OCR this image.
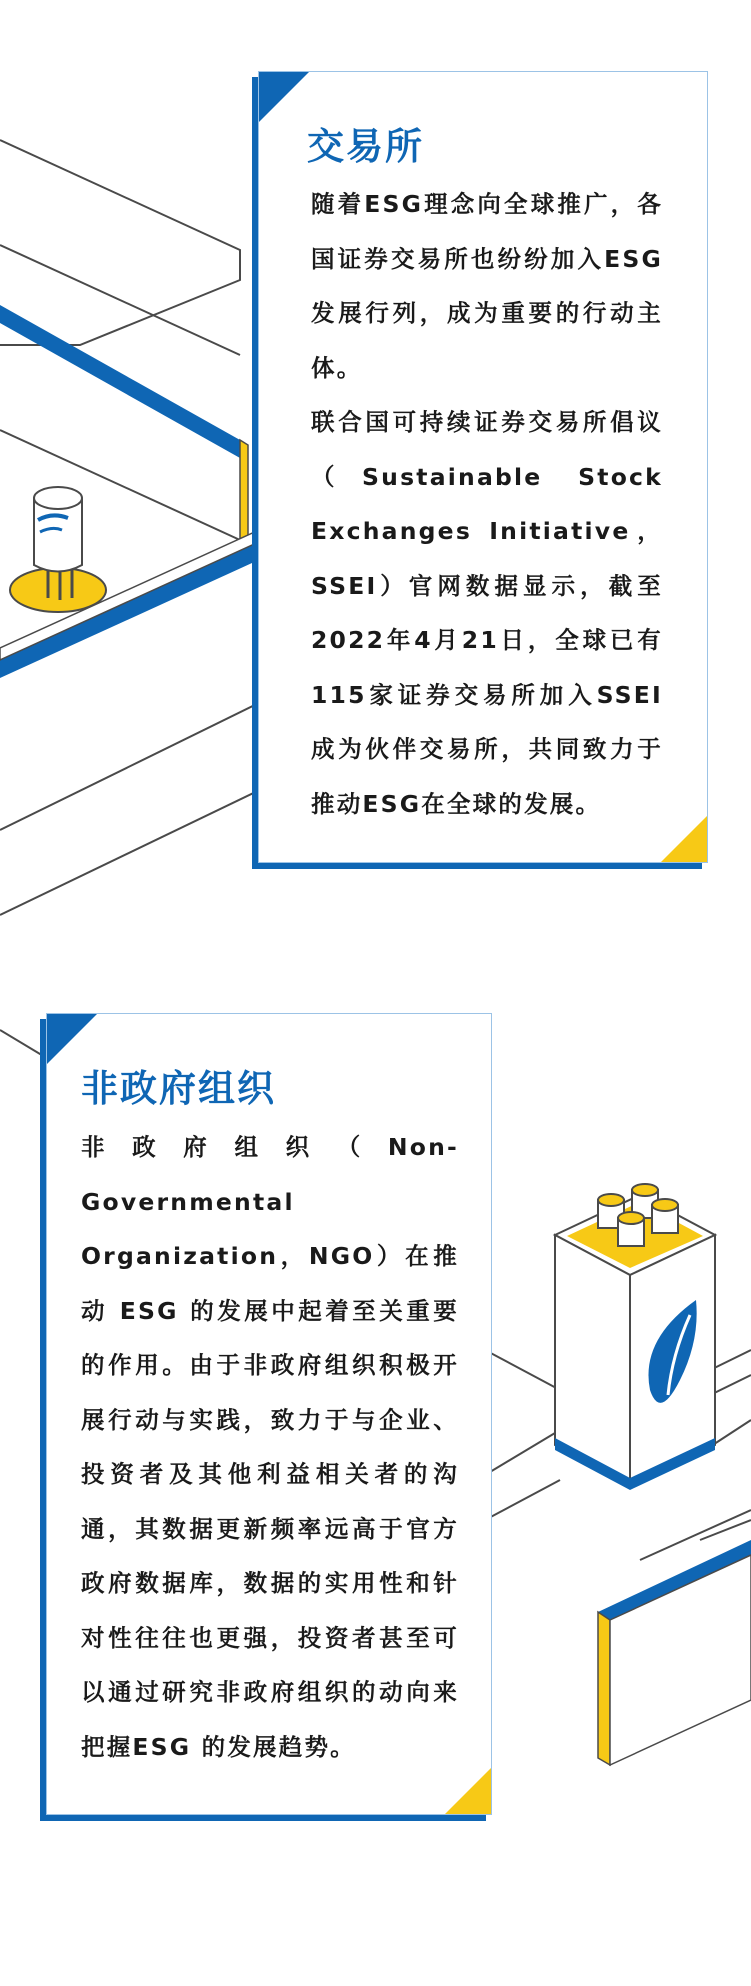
交易所

随着ESG理念向全球推广，各国证券交易所也纷纷加入ESG发展行列，成为重要的行动主体。

联合国可持续证券交易所倡议（Sustainable Stock Exchanges Initiative，SSEI）官网数据显示，截至2022年4月21日，全球已有115家证券交易所加入SSEI成为伙伴交易所，共同致力于推动ESG在全球的发展。

非政府组织

非政府组织（Non-Governmental Organization，NGO）在推动 ESG 的发展中起着至关重要的作用。由于非政府组织积极开展行动与实践，致力于与企业、投资者及其他利益相关者的沟通，其数据更新频率远高于官方政府数据库，数据的实用性和针对性往往也更强，投资者甚至可以通过研究非政府组织的动向来把握ESG 的发展趋势。
